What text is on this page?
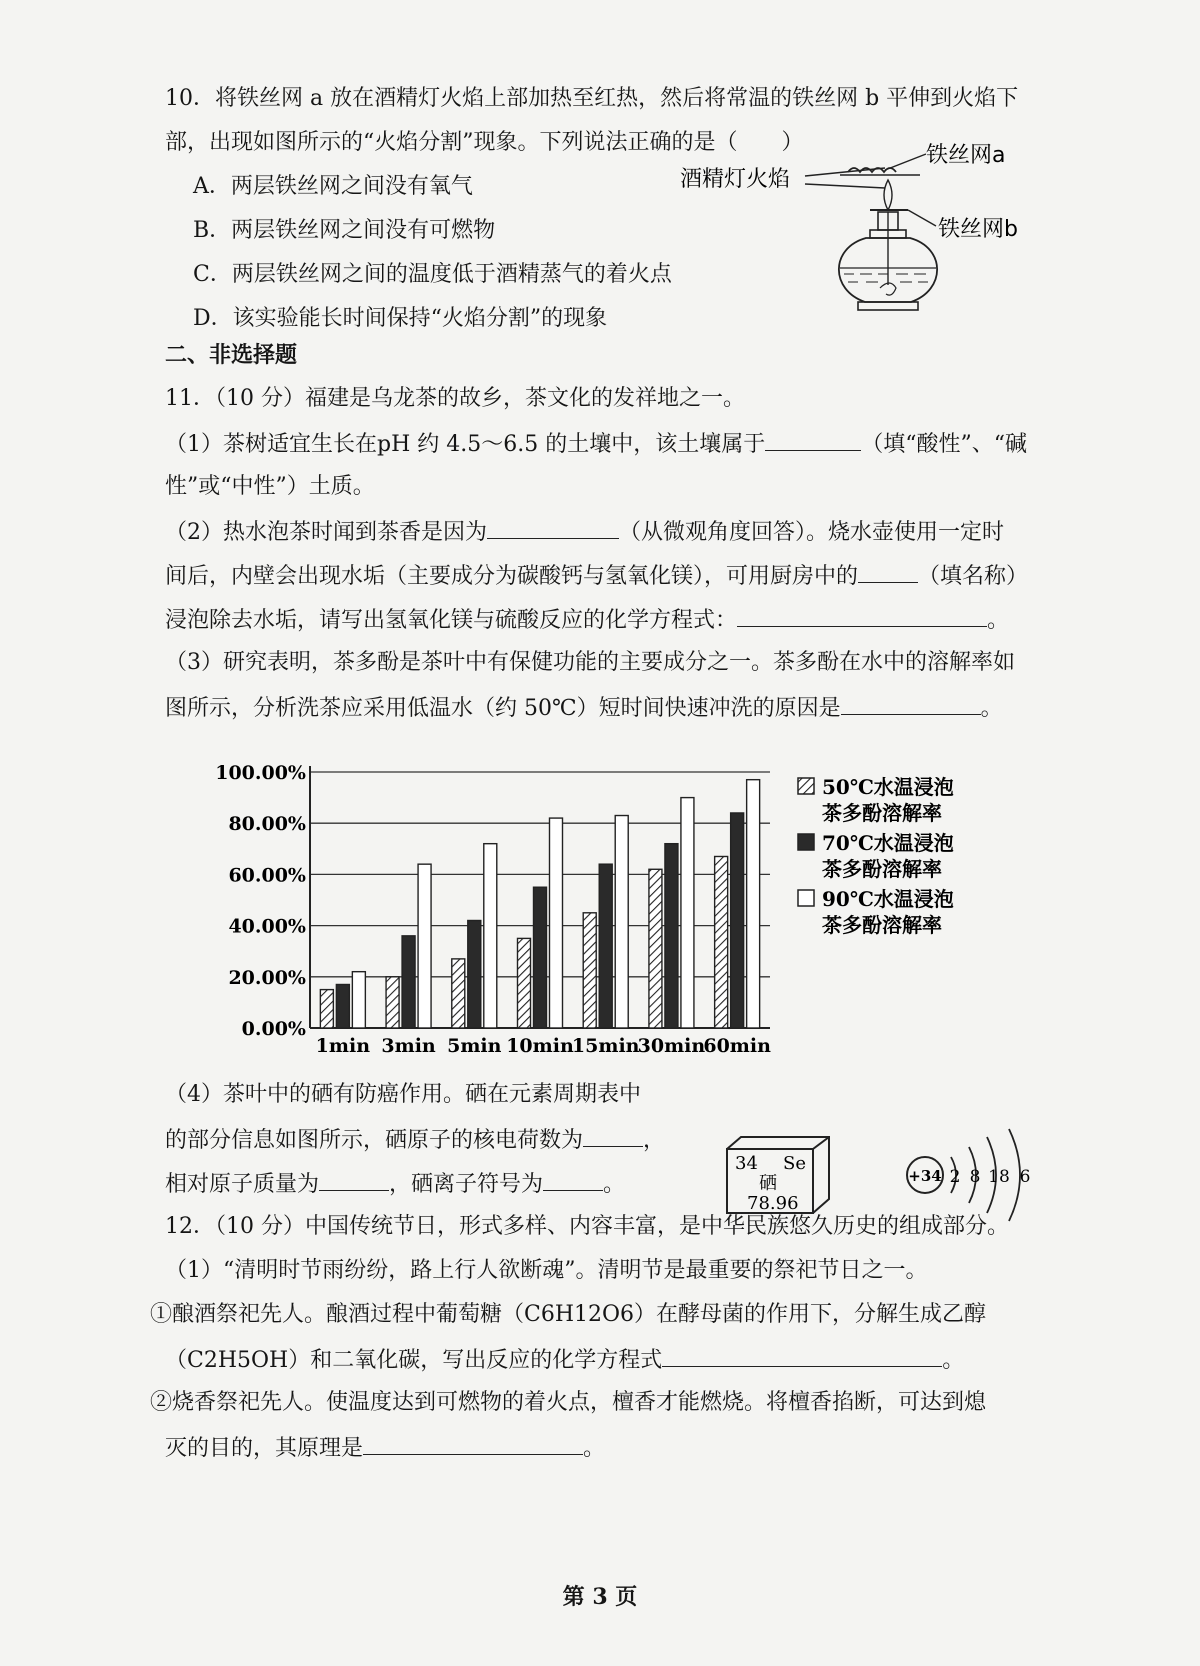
10．将铁丝网 a 放在酒精灯火焰上部加热至红热，然后将常温的铁丝网 b 平伸到火焰下
部，出现如图所示的“火焰分割”现象。下列说法正确的是（　　）
A．两层铁丝网之间没有氧气
B．两层铁丝网之间没有可燃物
C．两层铁丝网之间的温度低于酒精蒸气的着火点
D．该实验能长时间保持“火焰分割”的现象
酒精灯火焰
铁丝网a
铁丝网b
二、非选择题
11．（10 分）福建是乌龙茶的故乡，茶文化的发祥地之一。
（1）茶树适宜生长在pH 约 4.5～6.5 的土壤中，该土壤属于	（填“酸性”、“碱
性”或“中性”）土质。
（2）热水泡茶时闻到茶香是因为	（从微观角度回答）。烧水壶使用一定时
间后，内壁会出现水垢（主要成分为碳酸钙与氢氧化镁），可用厨房中的	（填名称）
浸泡除去水垢，请写出氢氧化镁与硫酸反应的化学方程式：	。
（3）研究表明，茶多酚是茶叶中有保健功能的主要成分之一。茶多酚在水中的溶解率如
图所示，分析洗茶应采用低温水（约 50℃）短时间快速冲洗的原因是	。
0.00%
20.00%
40.00%
60.00%
80.00%
100.00%
1min 3min 5min 10min
15min
30min
60min
50℃水温浸泡
茶多酚溶解率
70℃水温浸泡
茶多酚溶解率
90℃水温浸泡
茶多酚溶解率
（4）茶叶中的硒有防癌作用。硒在元素周期表中
的部分信息如图所示，硒原子的核电荷数为	，
相对原子质量为	，硒离子符号为	。
34 Se
硒
78.96
+34 2 8 18 6
12．（10 分）中国传统节日，形式多样、内容丰富，是中华民族悠久历史的组成部分。
（1）“清明时节雨纷纷，路上行人欲断魂”。清明节是最重要的祭祀节日之一。
①酿酒祭祀先人。酿酒过程中葡萄糖（C6H12O6）在酵母菌的作用下，分解生成乙醇
（C2H5OH）和二氧化碳，写出反应的化学方程式	。
②烧香祭祀先人。使温度达到可燃物的着火点，檀香才能燃烧。将檀香掐断，可达到熄
灭的目的，其原理是	。
第 3 页
